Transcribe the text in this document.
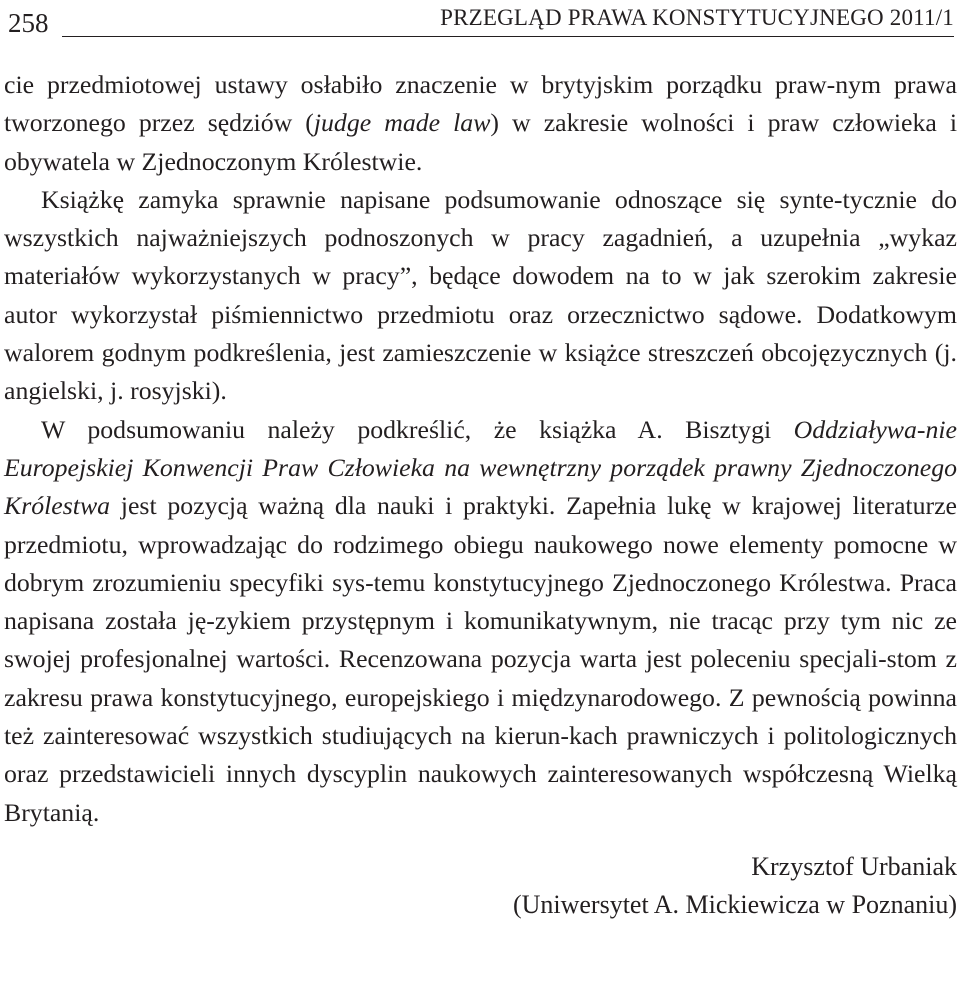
258	PRZEGLĄD PRAWA KONSTYTUCYJNEGO 2011/1

cie przedmiotowej ustawy osłabiło znaczenie w brytyjskim porządku praw-nym prawa tworzonego przez sędziów (judge made law) w zakresie wolności i praw człowieka i obywatela w Zjednoczonym Królestwie.

Książkę zamyka sprawnie napisane podsumowanie odnoszące się synte-tycznie do wszystkich najważniejszych podnoszonych w pracy zagadnień, a uzupełnia „wykaz materiałów wykorzystanych w pracy”, będące dowodem na to w jak szerokim zakresie autor wykorzystał piśmiennictwo przedmiotu oraz orzecznictwo sądowe. Dodatkowym walorem godnym podkreślenia, jest zamieszczenie w książce streszczeń obcojęzycznych (j. angielski, j. rosyjski).

W podsumowaniu należy podkreślić, że książka A. Bisztygi Oddziaływa-nie Europejskiej Konwencji Praw Człowieka na wewnętrzny porządek prawny Zjednoczonego Królestwa jest pozycją ważną dla nauki i praktyki. Zapełnia lukę w krajowej literaturze przedmiotu, wprowadzając do rodzimego obiegu naukowego nowe elementy pomocne w dobrym zrozumieniu specyfiki sys-temu konstytucyjnego Zjednoczonego Królestwa. Praca napisana została ję-zykiem przystępnym i komunikatywnym, nie tracąc przy tym nic ze swojej profesjonalnej wartości. Recenzowana pozycja warta jest poleceniu specjali-stom z zakresu prawa konstytucyjnego, europejskiego i międzynarodowego. Z pewnością powinna też zainteresować wszystkich studiujących na kierun-kach prawniczych i politologicznych oraz przedstawicieli innych dyscyplin naukowych zainteresowanych współczesną Wielką Brytanią.

Krzysztof Urbaniak
(Uniwersytet A. Mickiewicza w Poznaniu)
